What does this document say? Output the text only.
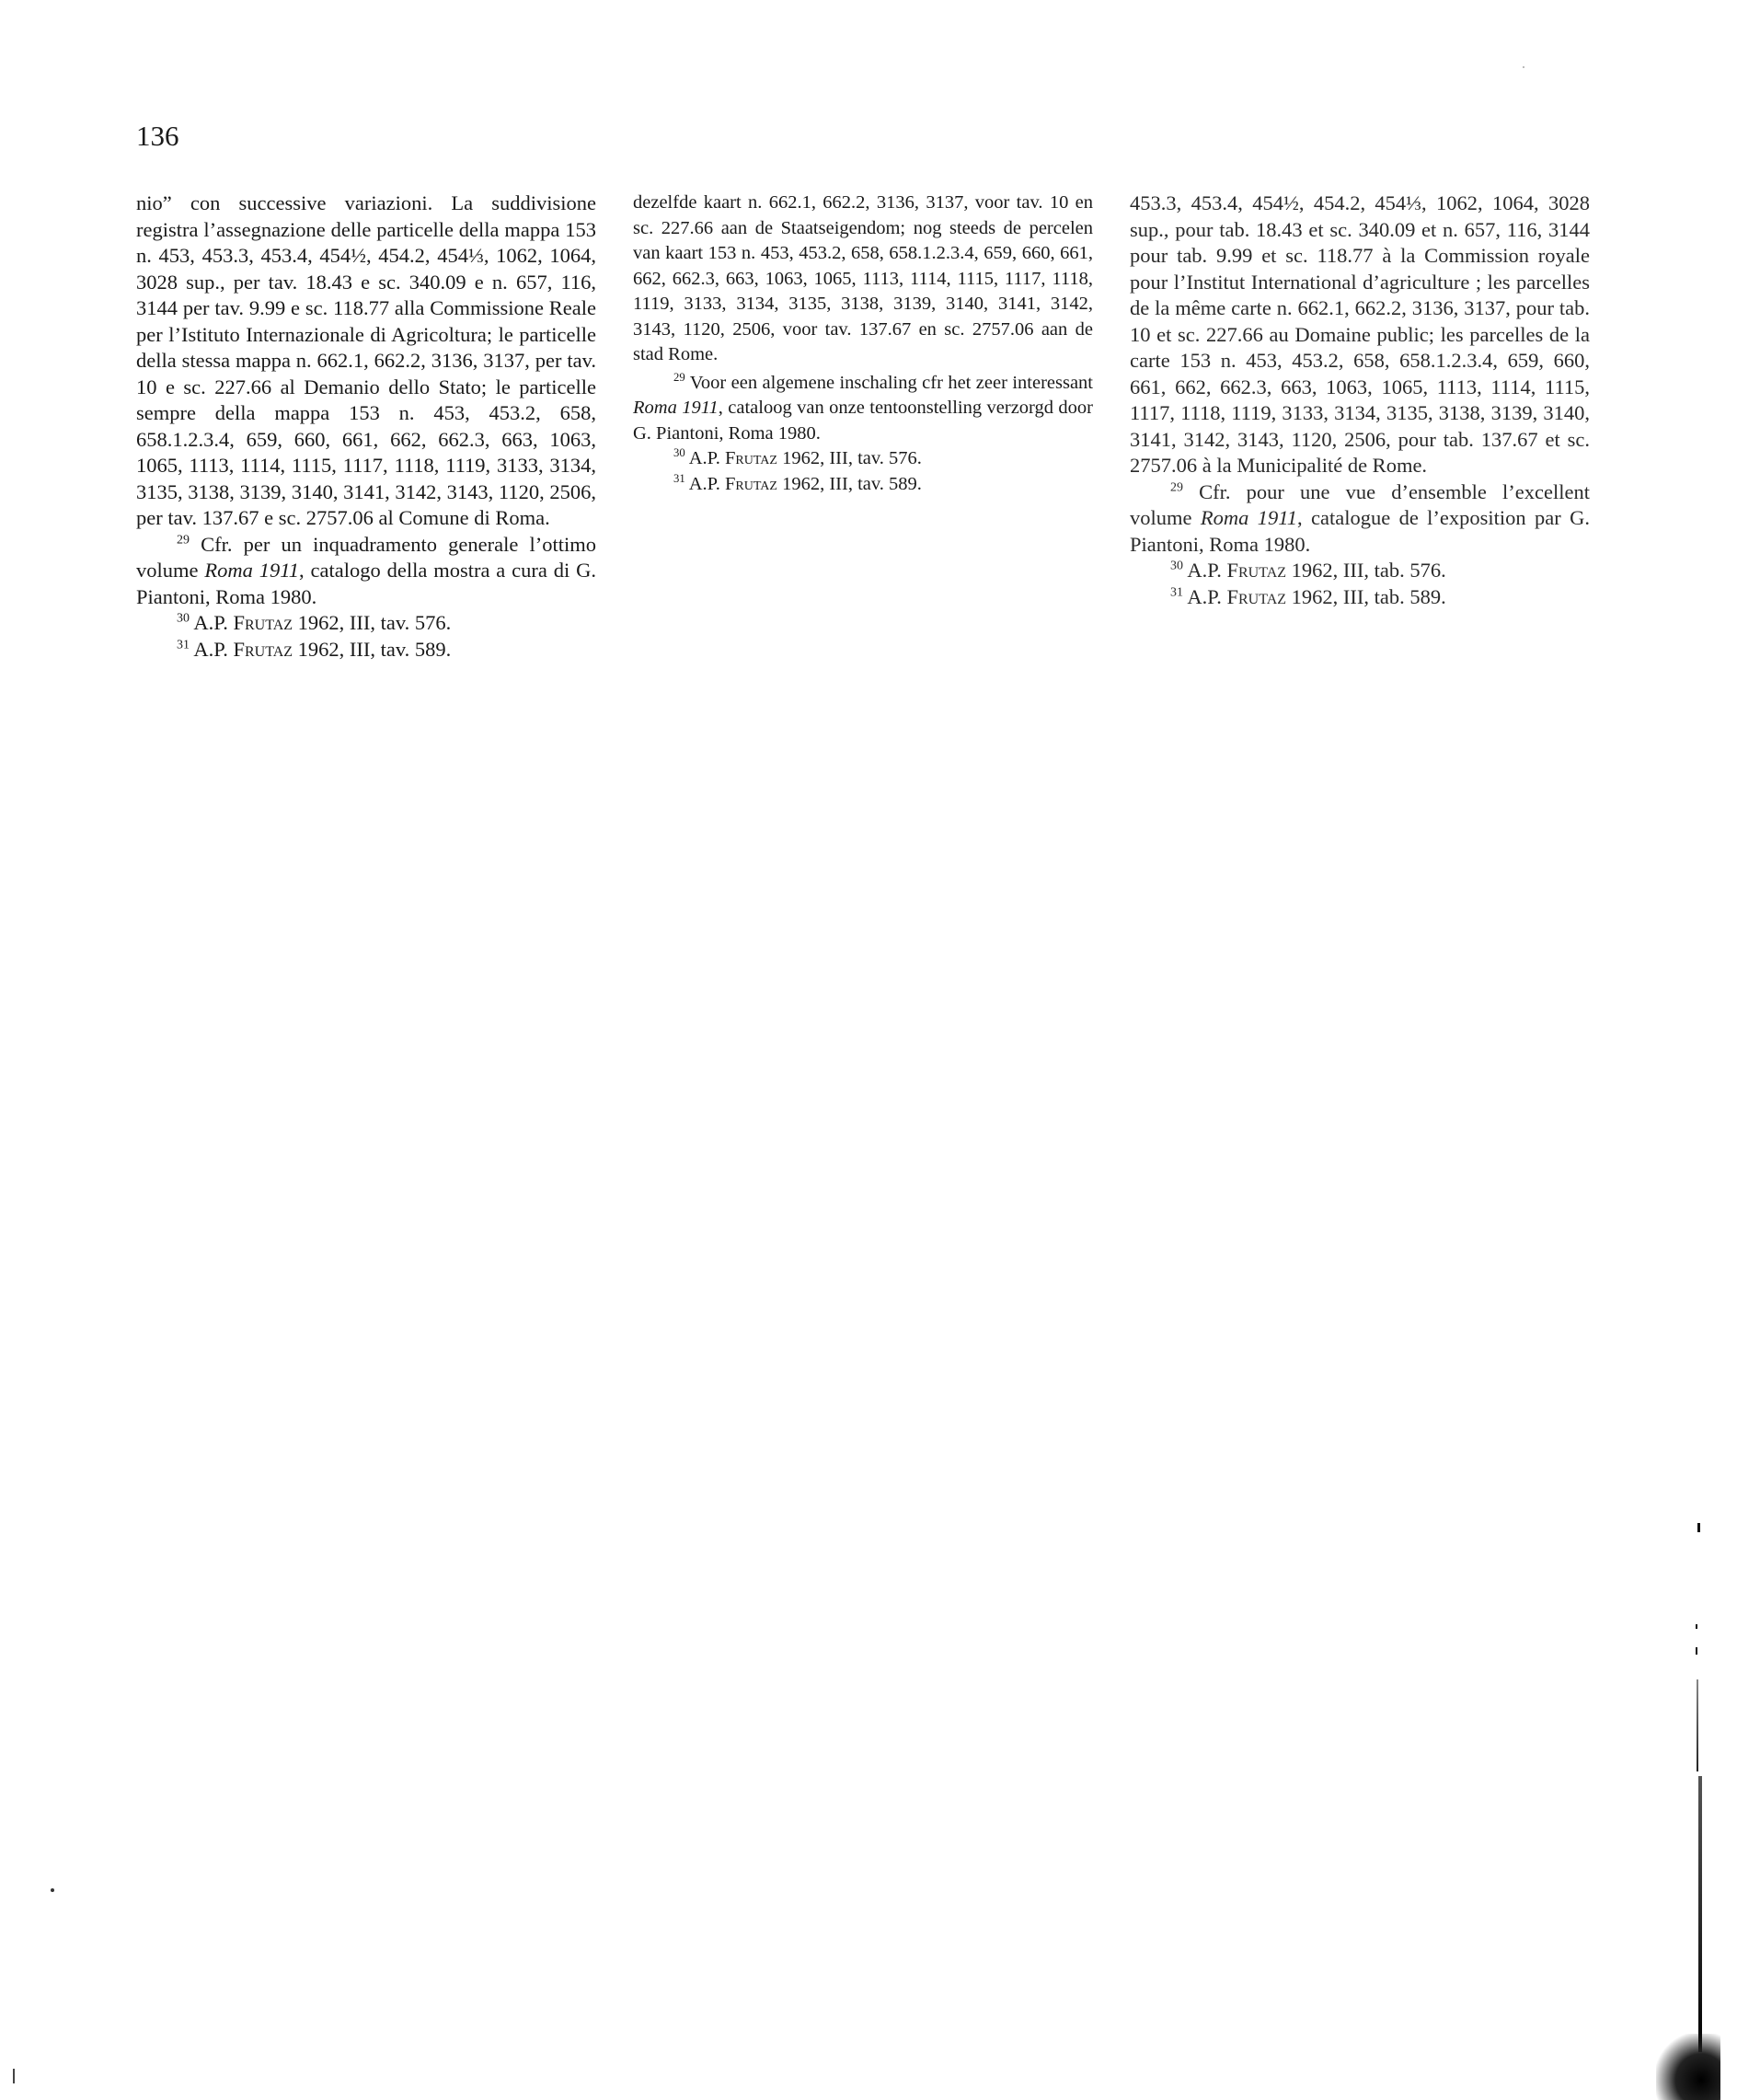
136

nio” con successive variazioni. La suddivisione registra l’assegnazione delle particelle della mappa 153 n. 453, 453.3, 453.4, 454½, 454.2, 454⅓, 1062, 1064, 3028 sup., per tav. 18.43 e sc. 340.09 e n. 657, 116, 3144 per tav. 9.99 e sc. 118.77 alla Commissione Reale per l’Istituto Internazionale di Agricoltura; le particelle della stessa mappa n. 662.1, 662.2, 3136, 3137, per tav. 10 e sc. 227.66 al Demanio dello Stato; le particelle sempre della mappa 153 n. 453, 453.2, 658, 658.1.2.3.4, 659, 660, 661, 662, 662.3, 663, 1063, 1065, 1113, 1114, 1115, 1117, 1118, 1119, 3133, 3134, 3135, 3138, 3139, 3140, 3141, 3142, 3143, 1120, 2506, per tav. 137.67 e sc. 2757.06 al Comune di Roma.

$^{29}$ Cfr. per un inquadramento generale l’ottimo volume Roma 1911, catalogo della mostra a cura di G. Piantoni, Roma 1980.

$^{30}$ A.P. Frutaz 1962, III, tav. 576.

$^{31}$ A.P. Frutaz 1962, III, tav. 589.

dezelfde kaart n. 662.1, 662.2, 3136, 3137, voor tav. 10 en sc. 227.66 aan de Staatseigendom; nog steeds de percelen van kaart 153 n. 453, 453.2, 658, 658.1.2.3.4, 659, 660, 661, 662, 662.3, 663, 1063, 1065, 1113, 1114, 1115, 1117, 1118, 1119, 3133, 3134, 3135, 3138, 3139, 3140, 3141, 3142, 3143, 1120, 2506, voor tav. 137.67 en sc. 2757.06 aan de stad Rome.

$^{29}$ Voor een algemene inschaling cfr het zeer interessant Roma 1911, cataloog van onze tentoonstelling verzorgd door G. Piantoni, Roma 1980.

$^{30}$ A.P. Frutaz 1962, III, tav. 576.

$^{31}$ A.P. Frutaz 1962, III, tav. 589.

453.3, 453.4, 454½, 454.2, 454⅓, 1062, 1064, 3028 sup., pour tab. 18.43 et sc. 340.09 et n. 657, 116, 3144 pour tab. 9.99 et sc. 118.77 à la Commission royale pour l’Institut International d’agriculture ; les parcelles de la même carte n. 662.1, 662.2, 3136, 3137, pour tab. 10 et sc. 227.66 au Domaine public; les parcelles de la carte 153 n. 453, 453.2, 658, 658.1.2.3.4, 659, 660, 661, 662, 662.3, 663, 1063, 1065, 1113, 1114, 1115, 1117, 1118, 1119, 3133, 3134, 3135, 3138, 3139, 3140, 3141, 3142, 3143, 1120, 2506, pour tab. 137.67 et sc. 2757.06 à la Municipalité de Rome.

$^{29}$ Cfr. pour une vue d’ensemble l’excellent volume Roma 1911, catalogue de l’exposition par G. Piantoni, Roma 1980.

$^{30}$ A.P. Frutaz 1962, III, tab. 576.

$^{31}$ A.P. Frutaz 1962, III, tab. 589.
